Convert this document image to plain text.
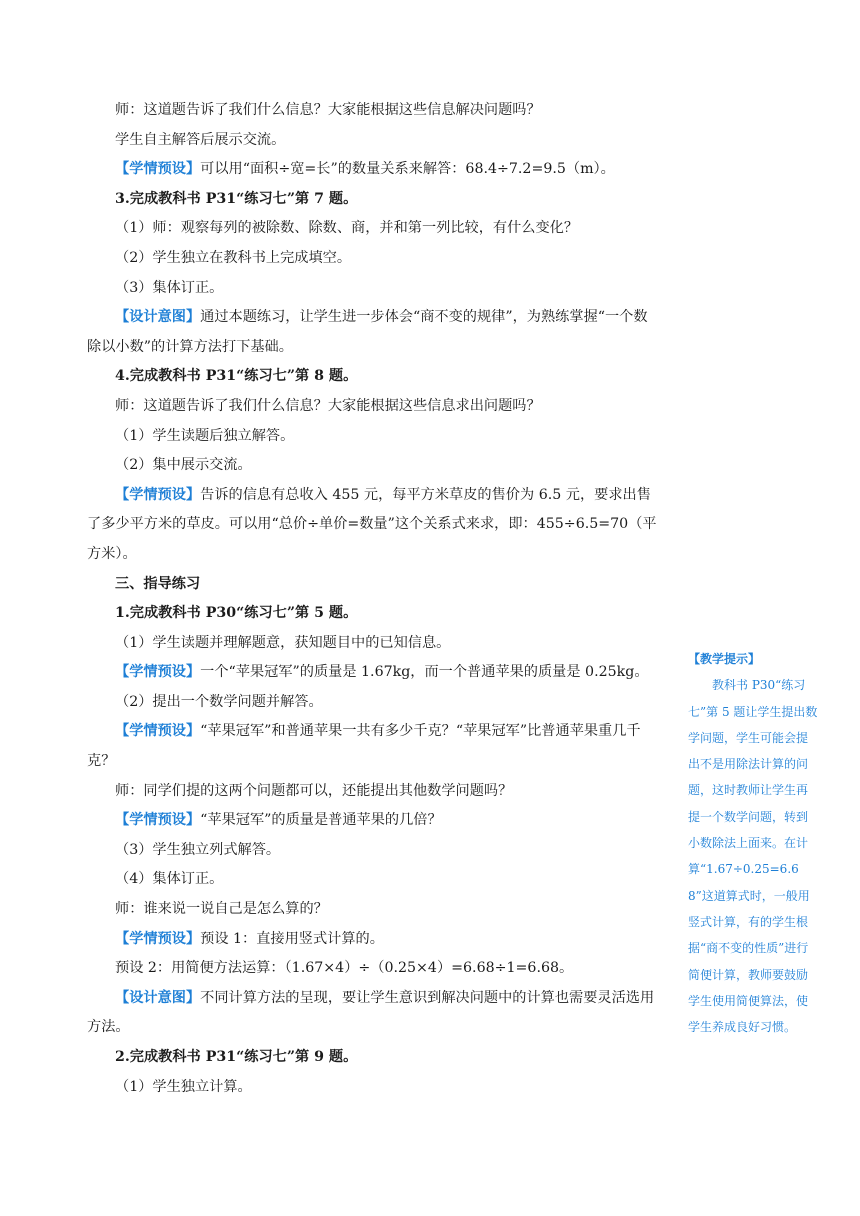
师：这道题告诉了我们什么信息？大家能根据这些信息解决问题吗？

学生自主解答后展示交流。

【学情预设】可以用“面积÷宽=长”的数量关系来解答：68.4÷7.2=9.5（m）。

3.完成教科书 P31“练习七”第 7 题。

（1）师：观察每列的被除数、除数、商，并和第一列比较，有什么变化？

（2）学生独立在教科书上完成填空。

（3）集体订正。

【设计意图】通过本题练习，让学生进一步体会“商不变的规律”，为熟练掌握“一个数除以小数”的计算方法打下基础。

4.完成教科书 P31“练习七”第 8 题。

师：这道题告诉了我们什么信息？大家能根据这些信息求出问题吗？

（1）学生读题后独立解答。

（2）集中展示交流。

【学情预设】告诉的信息有总收入 455 元，每平方米草皮的售价为 6.5 元，要求出售了多少平方米的草皮。可以用“总价÷单价=数量”这个关系式来求，即：455÷6.5=70（平方米）。

三、指导练习

1.完成教科书 P30“练习七”第 5 题。

（1）学生读题并理解题意，获知题目中的已知信息。

【学情预设】一个“苹果冠军”的质量是 1.67kg，而一个普通苹果的质量是 0.25kg。

（2）提出一个数学问题并解答。

【学情预设】“苹果冠军”和普通苹果一共有多少千克？“苹果冠军”比普通苹果重几千克？

师：同学们提的这两个问题都可以，还能提出其他数学问题吗？

【学情预设】“苹果冠军”的质量是普通苹果的几倍？

（3）学生独立列式解答。

（4）集体订正。

师：谁来说一说自己是怎么算的？

【学情预设】预设 1：直接用竖式计算的。

预设 2：用简便方法运算：（1.67×4）÷（0.25×4）=6.68÷1=6.68。

【设计意图】不同计算方法的呈现，要让学生意识到解决问题中的计算也需要灵活选用方法。

2.完成教科书 P31“练习七”第 9 题。

（1）学生独立计算。

【教学提示】

教科书 P30“练习七”第 5 题让学生提出数学问题，学生可能会提出不是用除法计算的问题，这时教师让学生再提一个数学问题，转到小数除法上面来。在计算“1.67÷0.25=6.68”这道算式时，一般用竖式计算，有的学生根据“商不变的性质”进行简便计算，教师要鼓励学生使用简便算法，使学生养成良好习惯。
